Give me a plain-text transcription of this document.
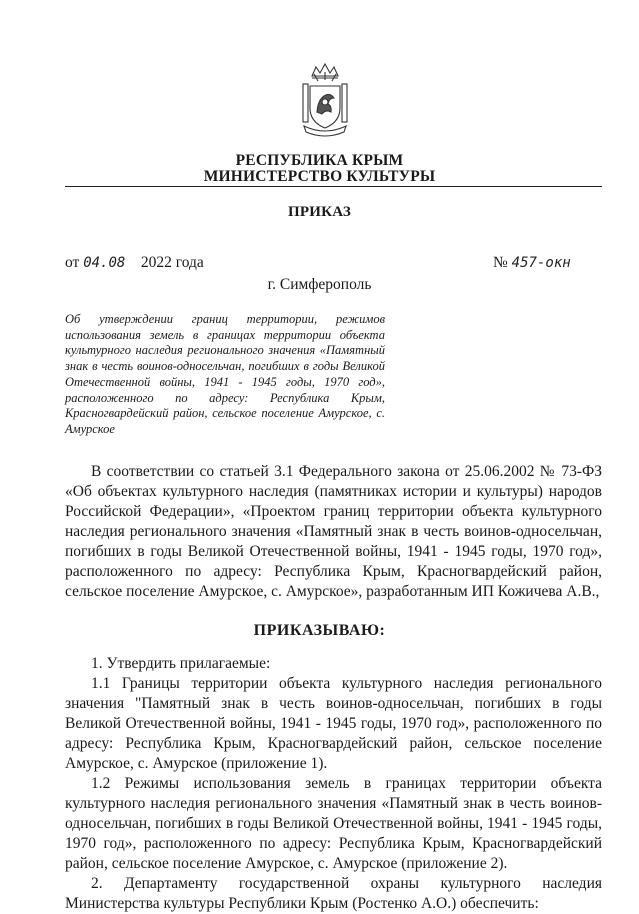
РЕСПУБЛИКА КРЫМ
МИНИСТЕРСТВО КУЛЬТУРЫ
ПРИКАЗ
от 04.08 2022 года	№ 457-окн
г. Симферополь
Об утверждении границ территории, режимов использования земель в границах территории объекта культурного наследия регионального значения «Памятный знак в честь воинов-односельчан, погибших в годы Великой Отечественной войны, 1941 - 1945 годы, 1970 год», расположенного по адресу: Республика Крым, Красногвардейский район, сельское поселение Амурское, с. Амурское
В соответствии со статьей 3.1 Федерального закона от 25.06.2002 № 73-ФЗ «Об объектах культурного наследия (памятниках истории и культуры) народов Российской Федерации», «Проектом границ территории объекта культурного наследия регионального значения «Памятный знак в честь воинов-односельчан, погибших в годы Великой Отечественной войны, 1941 - 1945 годы, 1970 год», расположенного по адресу: Республика Крым, Красногвардейский район, сельское поселение Амурское, с. Амурское», разработанным ИП Кожичева А.В.,
ПРИКАЗЫВАЮ:

1. Утвердить прилагаемые:

1.1 Границы территории объекта культурного наследия регионального значения "Памятный знак в честь воинов-односельчан, погибших в годы Великой Отечественной войны, 1941 - 1945 годы, 1970 год», расположенного по адресу: Республика Крым, Красногвардейский район, сельское поселение Амурское, с. Амурское (приложение 1).

1.2 Режимы использования земель в границах территории объекта культурного наследия регионального значения «Памятный знак в честь воинов-односельчан, погибших в годы Великой Отечественной войны, 1941 - 1945 годы, 1970 год», расположенного по адресу: Республика Крым, Красногвардейский район, сельское поселение Амурское, с. Амурское (приложение 2).

2. Департаменту государственной охраны культурного наследия Министерства культуры Республики Крым (Ростенко А.О.) обеспечить:
